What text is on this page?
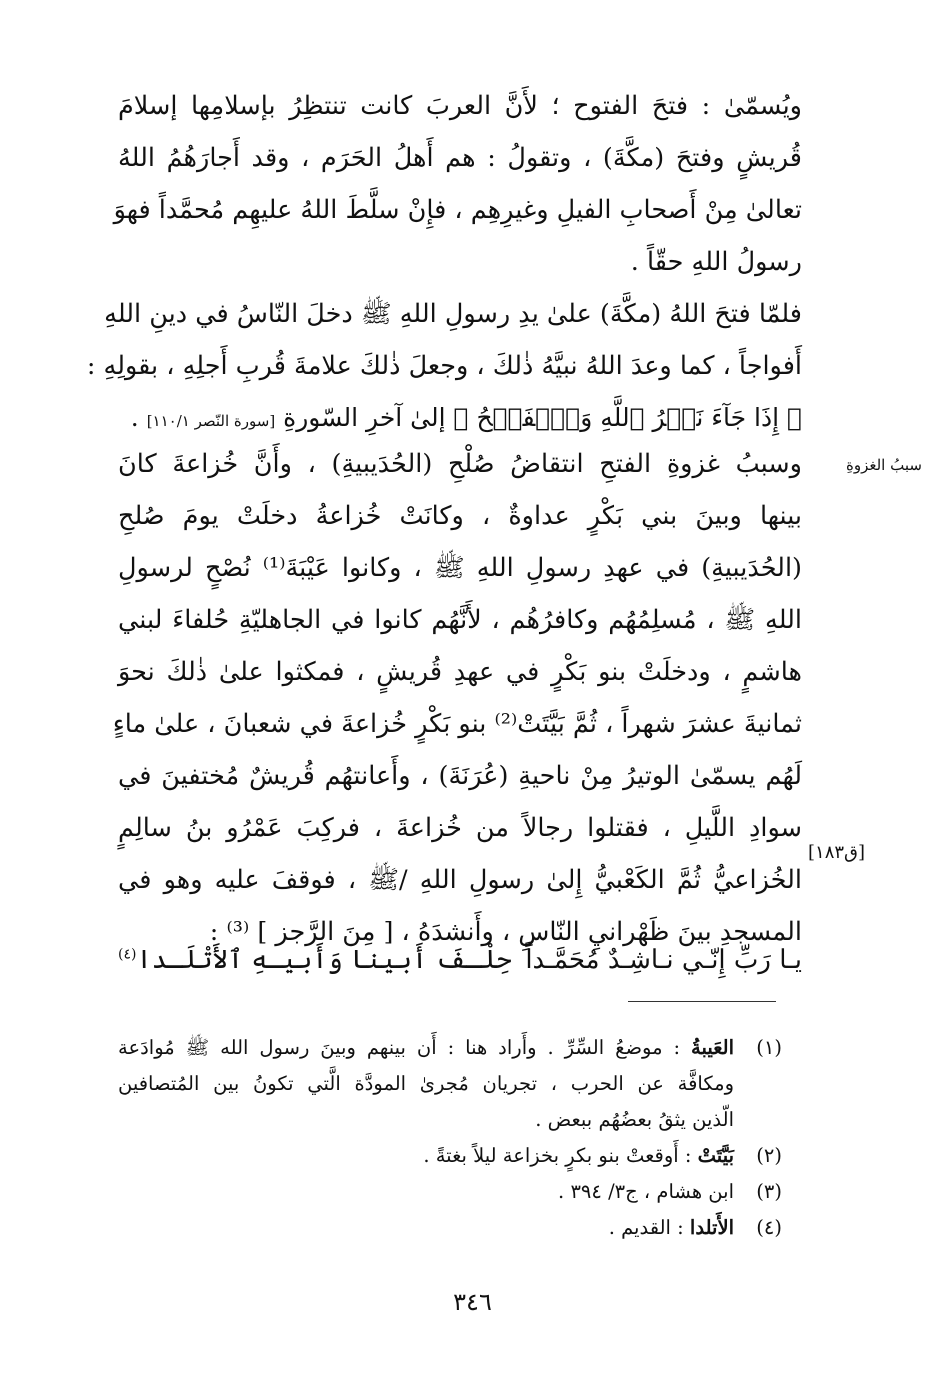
ويُسمّىٰ : فتحَ الفتوح ؛ لأَنَّ العربَ كانت تنتظِرُ بإسلامِها إسلامَ
قُريشٍ وفتحَ (مكَّةَ) ، وتقولُ : هم أَهلُ الحَرَم ، وقد أَجارَهُمُ اللهُ
تعالىٰ مِنْ أَصحابِ الفيلِ وغيرِهِم ، فإِنْ سلَّطَ اللهُ عليهِم مُحمَّداً فهوَ
رسولُ اللهِ حقّاً .
فلمّا فتحَ اللهُ (مكَّةَ) علىٰ يدِ رسولِ اللهِ ﷺ دخلَ النّاسُ في دينِ اللهِ
أَفواجاً ، كما وعدَ اللهُ نبيَّهُ ذٰلكَ ، وجعلَ ذٰلكَ علامةَ قُربِ أَجلِهِ ، بقولِهِ :
﴿ إِذَا جَآءَ نَصۡرُ ٱللَّهِ وَٱلۡفَتۡحُ ﴾ إلىٰ آخرِ السّورةِ [سورة النّصر ١١٠/١] .
وسببُ غزوةِ الفتحِ انتقاضُ صُلْحِ (الحُدَيبيةِ) ، وأَنَّ خُزاعةَ كانَ
بينها وبينَ بني بَكْرٍ عداوةٌ ، وكانَتْ خُزاعةُ دخلَتْ يومَ صُلحِ
(الحُدَيبيةِ) في عهدِ رسولِ اللهِ ﷺ ، وكانوا عَيْبَةَ⁽¹⁾ نُصْحٍ لرسولِ
اللهِ ﷺ ، مُسلِمُهُم وكافرُهُم ، لأَنَّهُم كانوا في الجاهليّةِ حُلفاءَ لبني
هاشمٍ ، ودخلَتْ بنو بَكْرٍ في عهدِ قُريشٍ ، فمكثوا علىٰ ذٰلكَ نحوَ
ثمانيةَ عشرَ شهراً ، ثُمَّ بَيَّتَتْ⁽²⁾ بنو بَكْرٍ خُزاعةَ في شعبانَ ، علىٰ ماءٍ
لَهُم يسمّىٰ الوتيرُ مِنْ ناحيةِ (عُرَنَةَ) ، وأَعانتهُم قُريشٌ مُختفينَ في
سوادِ اللَّيلِ ، فقتلوا رجالاً من خُزاعةَ ، فركِبَ عَمْرُو بنُ سالِمٍ
الخُزاعيُّ ثُمَّ الكَعْبيُّ إِلىٰ رسولِ اللهِ /ﷺ ، فوقفَ عليه وهو في
المسجدِ بينَ ظَهْرانيِ النّاسِ ، وأَنشدَهُ ، [ مِنَ الرَّجز ] ⁽³⁾ :
يـا رَبِّ إِنّـي نـاشِـدٌ مُحَمَّـداً
حِلْـفَ أَبينا وَأَبيـهِ ٱلأَتْلَـدا$^{(٤)}$
سببُ الغزوةِ
[ق١٨٣]
(١)
العَيبةُ : موضعُ السِّرِّ . وأَراد هنا : أَن بينهم وبينَ رسول الله ﷺ مُوادَعة
ومكافَّة عن الحرب ، تجريان مُجرىٰ المودَّة الَّتي تكونُ بين المُتصافين
الّذين يثقُ بعضُهُم ببعض .
(٢)
بَيَّتَتْ : أَوقعتْ بنو بكرٍ بخزاعة ليلاً بغتةً .
(٣)
ابن هشام ، ج٣/ ٣٩٤ .
(٤)
الأَتلدا : القديم .
٣٤٦
